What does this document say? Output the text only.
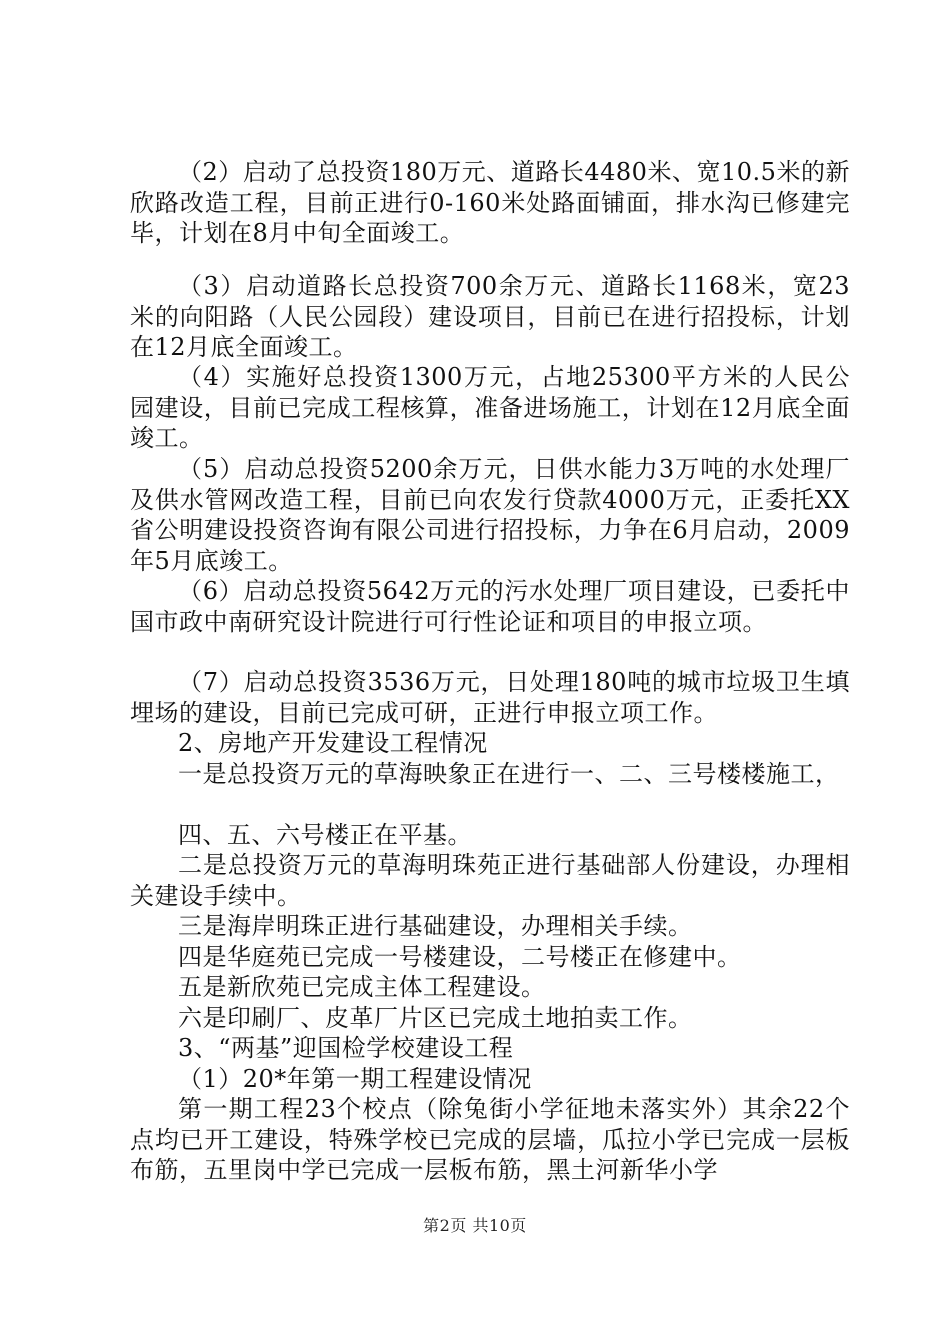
（2）启动了总投资180万元、道路长4480米、宽10.5米的新欣路改造工程，目前正进行0-160米处路面铺面，排水沟已修建完毕，计划在8月中旬全面竣工。

（3）启动道路长总投资700余万元、道路长1168米，宽23米的向阳路（人民公园段）建设项目，目前已在进行招投标，计划在12月底全面竣工。

（4）实施好总投资1300万元，占地25300平方米的人民公园建设，目前已完成工程核算，准备进场施工，计划在12月底全面竣工。

（5）启动总投资5200余万元，日供水能力3万吨的水处理厂及供水管网改造工程，目前已向农发行贷款4000万元，正委托XX省公明建设投资咨询有限公司进行招投标，力争在6月启动，2009年5月底竣工。

（6）启动总投资5642万元的污水处理厂项目建设，已委托中国市政中南研究设计院进行可行性论证和项目的申报立项。

（7）启动总投资3536万元，日处理180吨的城市垃圾卫生填埋场的建设，目前已完成可研，正进行申报立项工作。

2、房地产开发建设工程情况

一是总投资万元的草海映象正在进行一、二、三号楼楼施工，

四、五、六号楼正在平基。

二是总投资万元的草海明珠苑正进行基础部人份建设，办理相关建设手续中。

三是海岸明珠正进行基础建设，办理相关手续。

四是华庭苑已完成一号楼建设，二号楼正在修建中。

五是新欣苑已完成主体工程建设。

六是印刷厂、皮革厂片区已完成土地拍卖工作。

3、“两基”迎国检学校建设工程

（1）20*年第一期工程建设情况

第一期工程23个校点（除兔街小学征地未落实外）其余22个点均已开工建设，特殊学校已完成的层墙，瓜拉小学已完成一层板布筋，五里岗中学已完成一层板布筋，黑土河新华小学

第2页 共10页
